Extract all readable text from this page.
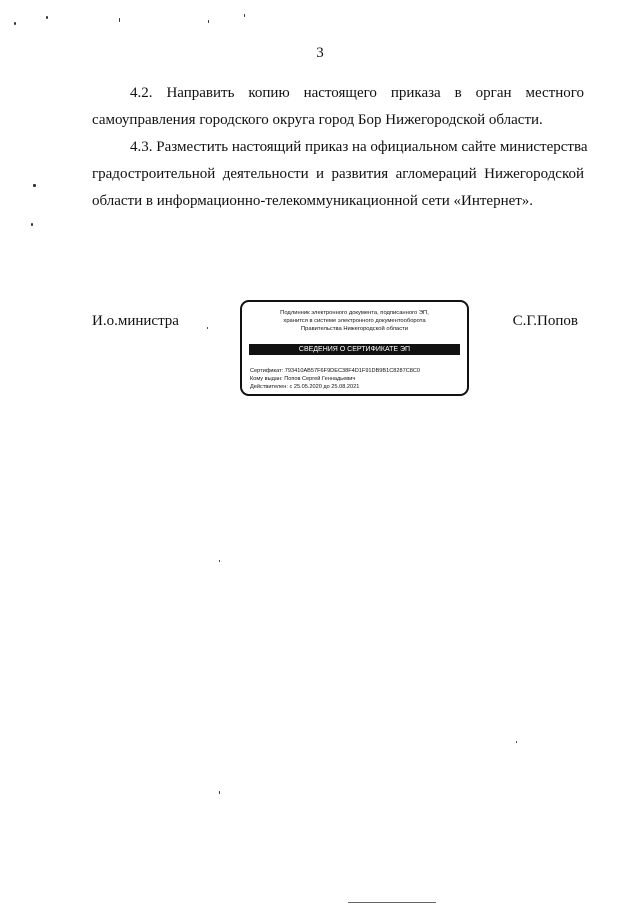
3

4.2. Направить копию настоящего приказа в орган местного
самоуправления городского округа город Бор Нижегородской области.

4.3. Разместить настоящий приказ на официальном сайте министерства
градостроительной деятельности и развития агломераций Нижегородской
области в информационно-телекоммуникационной сети «Интернет».

И.о.министра	Подлинник электронного документа, подписанного ЭП,
хранится в системе электронного документооборота
Правительства Нижегородской области
СВЕДЕНИЯ О СЕРТИФИКАТЕ ЭП
Сертификат: 793410AB57F6F9DEC38F4D1F91DB9B1C8287C8C0
Кому выдан: Попов Сергей Геннадьевич
Действителен: с 25.05.2020 до 25.08.2021
С.Г.Попов
